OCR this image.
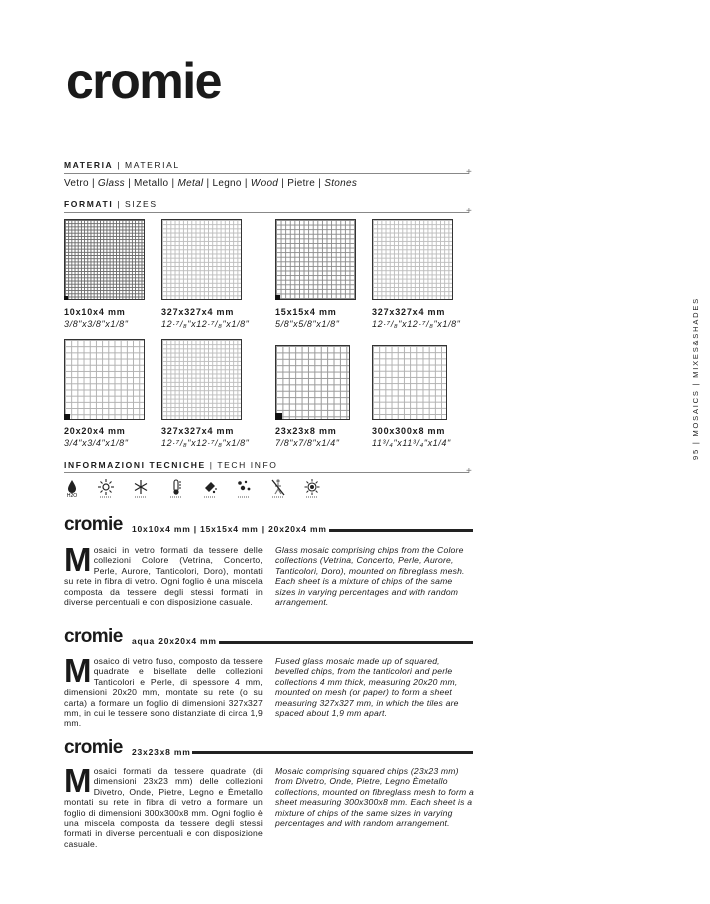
cromie
MATERIA | MATERIAL
+
Vetro | Glass | Metallo | Metal | Legno | Wood | Pietre | Stones
FORMATI | SIZES
+
10x10x4 mm
3/8"x3/8"x1/8"
327x327x4 mm
12·⁷/₈"x12·⁷/₈"x1/8"
15x15x4 mm
5/8"x5/8"x1/8"
327x327x4 mm
12·⁷/₈"x12·⁷/₈"x1/8"
20x20x4 mm
3/4"x3/4"x1/8"
327x327x4 mm
12·⁷/₈"x12·⁷/₈"x1/8"
23x23x8 mm
7/8"x7/8"x1/4"
300x300x8 mm
11³/₄"x11³/₄"x1/4"
INFORMAZIONI TECNICHE | TECH INFO
+
H2O
cromie 10x10x4 mm | 15x15x4 mm | 20x20x4 mm
Mosaici in vetro formati da tessere delle collezioni Colore (Vetrina, Concerto, Perle, Aurore, Tanticolori, Doro), montati su rete in fibra di vetro. Ogni foglio è una miscela composta da tessere degli stessi formati in diverse percentuali e con disposizione casuale.
Glass mosaic comprising chips from the Colore collections (Vetrina, Concerto, Perle, Aurore, Tanticolori, Doro), mounted on fibreglass mesh. Each sheet is a mixture of chips of the same sizes in varying percentages and with random arrangement.
cromie aqua 20x20x4 mm
Mosaico di vetro fuso, composto da tessere quadrate e bisellate delle collezioni Tanticolori e Perle, di spessore 4 mm, dimensioni 20x20 mm, montate su rete (o su carta) a formare un foglio di dimensioni 327x327 mm, in cui le tessere sono distanziate di circa 1,9 mm.
Fused glass mosaic made up of squared, bevelled chips, from the tanticolori and perle collections 4 mm thick, measuring 20x20 mm, mounted on mesh (or paper) to form a sheet measuring 327x327 mm, in which the tiles are spaced about 1,9 mm apart.
cromie 23x23x8 mm
Mosaici formati da tessere quadrate (di dimensioni 23x23 mm) delle collezioni Divetro, Onde, Pietre, Legno e Èmetallo montati su rete in fibra di vetro a formare un foglio di dimensioni 300x300x8 mm. Ogni foglio è una miscela composta da tessere degli stessi formati in diverse percentuali e con disposizione casuale.
Mosaic comprising squared chips (23x23 mm) from Divetro, Onde, Pietre, Legno Èmetallo collections, mounted on fibreglass mesh to form a sheet measuring 300x300x8 mm. Each sheet is a mixture of chips of the same sizes in varying percentages and with random arrangement.
95 | MOSAICS | MIXES&SHADES
